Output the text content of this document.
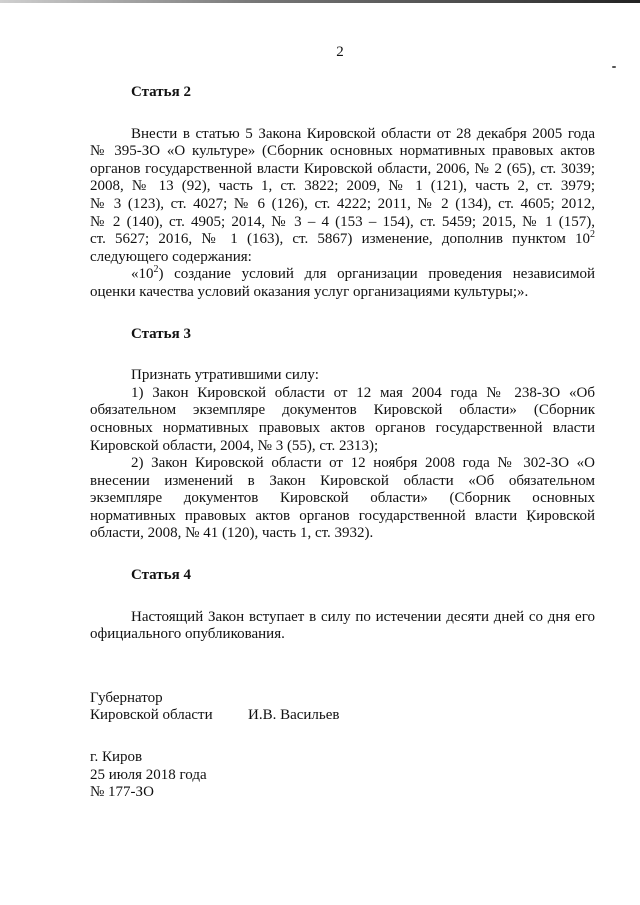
2
Статья 2

Внести в статью 5 Закона Кировской области от 28 декабря 2005 года

№ 395-ЗО «О культуре» (Сборник основных нормативных правовых актов

органов государственной власти Кировской области, 2006, № 2 (65), ст. 3039;

2008, № 13 (92), часть 1, ст. 3822; 2009, № 1 (121), часть 2, ст. 3979;

№ 3 (123), ст. 4027; № 6 (126), ст. 4222; 2011, № 2 (134), ст. 4605; 2012,

№ 2 (140), ст. 4905; 2014, № 3 – 4 (153 – 154), ст. 5459; 2015, № 1 (157),

ст. 5627; 2016, № 1 (163), ст. 5867) изменение, дополнив пунктом $10^2$

следующего содержания:

«$10^2$) создание условий для организации проведения независимой

оценки качества условий оказания услуг организациями культуры;».

Статья 3

Признать утратившими силу:

1) Закон Кировской области от 12 мая 2004 года № 238-ЗО «Об

обязательном экземпляре документов Кировской области» (Сборник

основных нормативных правовых актов органов государственной власти

Кировской области, 2004, № 3 (55), ст. 2313);

2) Закон Кировской области от 12 ноября 2008 года № 302-ЗО «О

внесении изменений в Закон Кировской области «Об обязательном

экземпляре документов Кировской области» (Сборник основных

нормативных правовых актов органов государственной власти Кировской

области, 2008, № 41 (120), часть 1, ст. 3932).

Статья 4

Настоящий Закон вступает в силу по истечении десяти дней со дня его

официального опубликования.

Губернатор
Кировской области И.В. Васильев
г. Киров
25 июля 2018 года
№ 177-ЗО
